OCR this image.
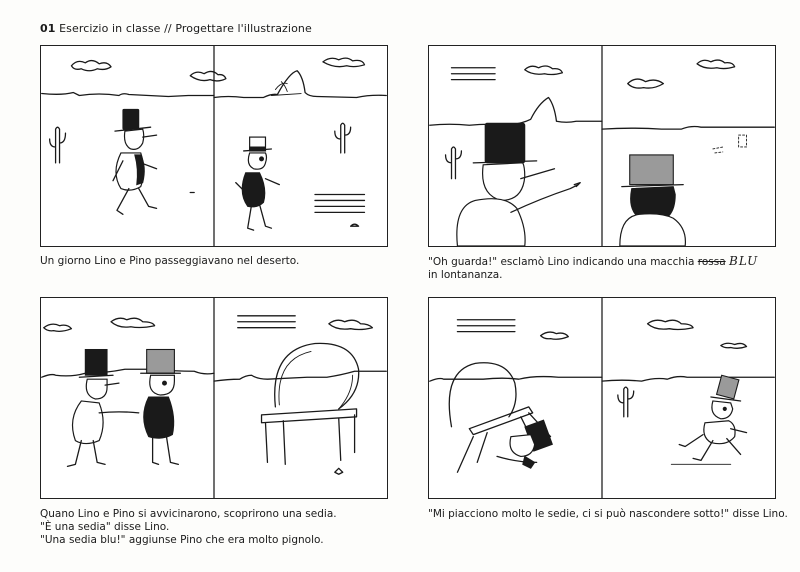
01 Esercizio in classe // Progettare l'illustrazione
Un giorno Lino e Pino passeggiavano nel deserto.	"Oh guarda!" esclamò Lino indicando una macchia rossa BLU
in lontananza.
Quano Lino e Pino si avvicinarono, scoprirono una sedia.
"È una sedia" disse Lino.
"Una sedia blu!" aggiunse Pino che era molto pignolo.
"Mi piacciono molto le sedie, ci si può nascondere sotto!" disse Lino.
